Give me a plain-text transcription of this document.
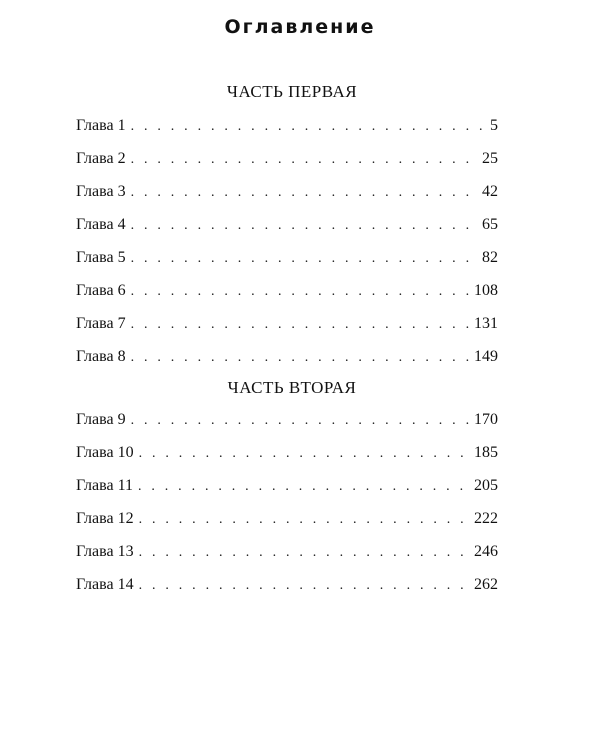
Оглавление
ЧАСТЬ ПЕРВАЯ
Глава 1 . . .	5
Глава 2 . . .	25
Глава 3 . . .	42
Глава 4 . . .	65
Глава 5 . . .	82
Глава 6 . . .	108
Глава 7 . . .	131
Глава 8 . . .	149
ЧАСТЬ ВТОРАЯ
Глава 9 . . .	170
Глава 10 . . .	185
Глава 11 . . .	205
Глава 12 . . .	222
Глава 13 . . .	246
Глава 14 . . .	262
